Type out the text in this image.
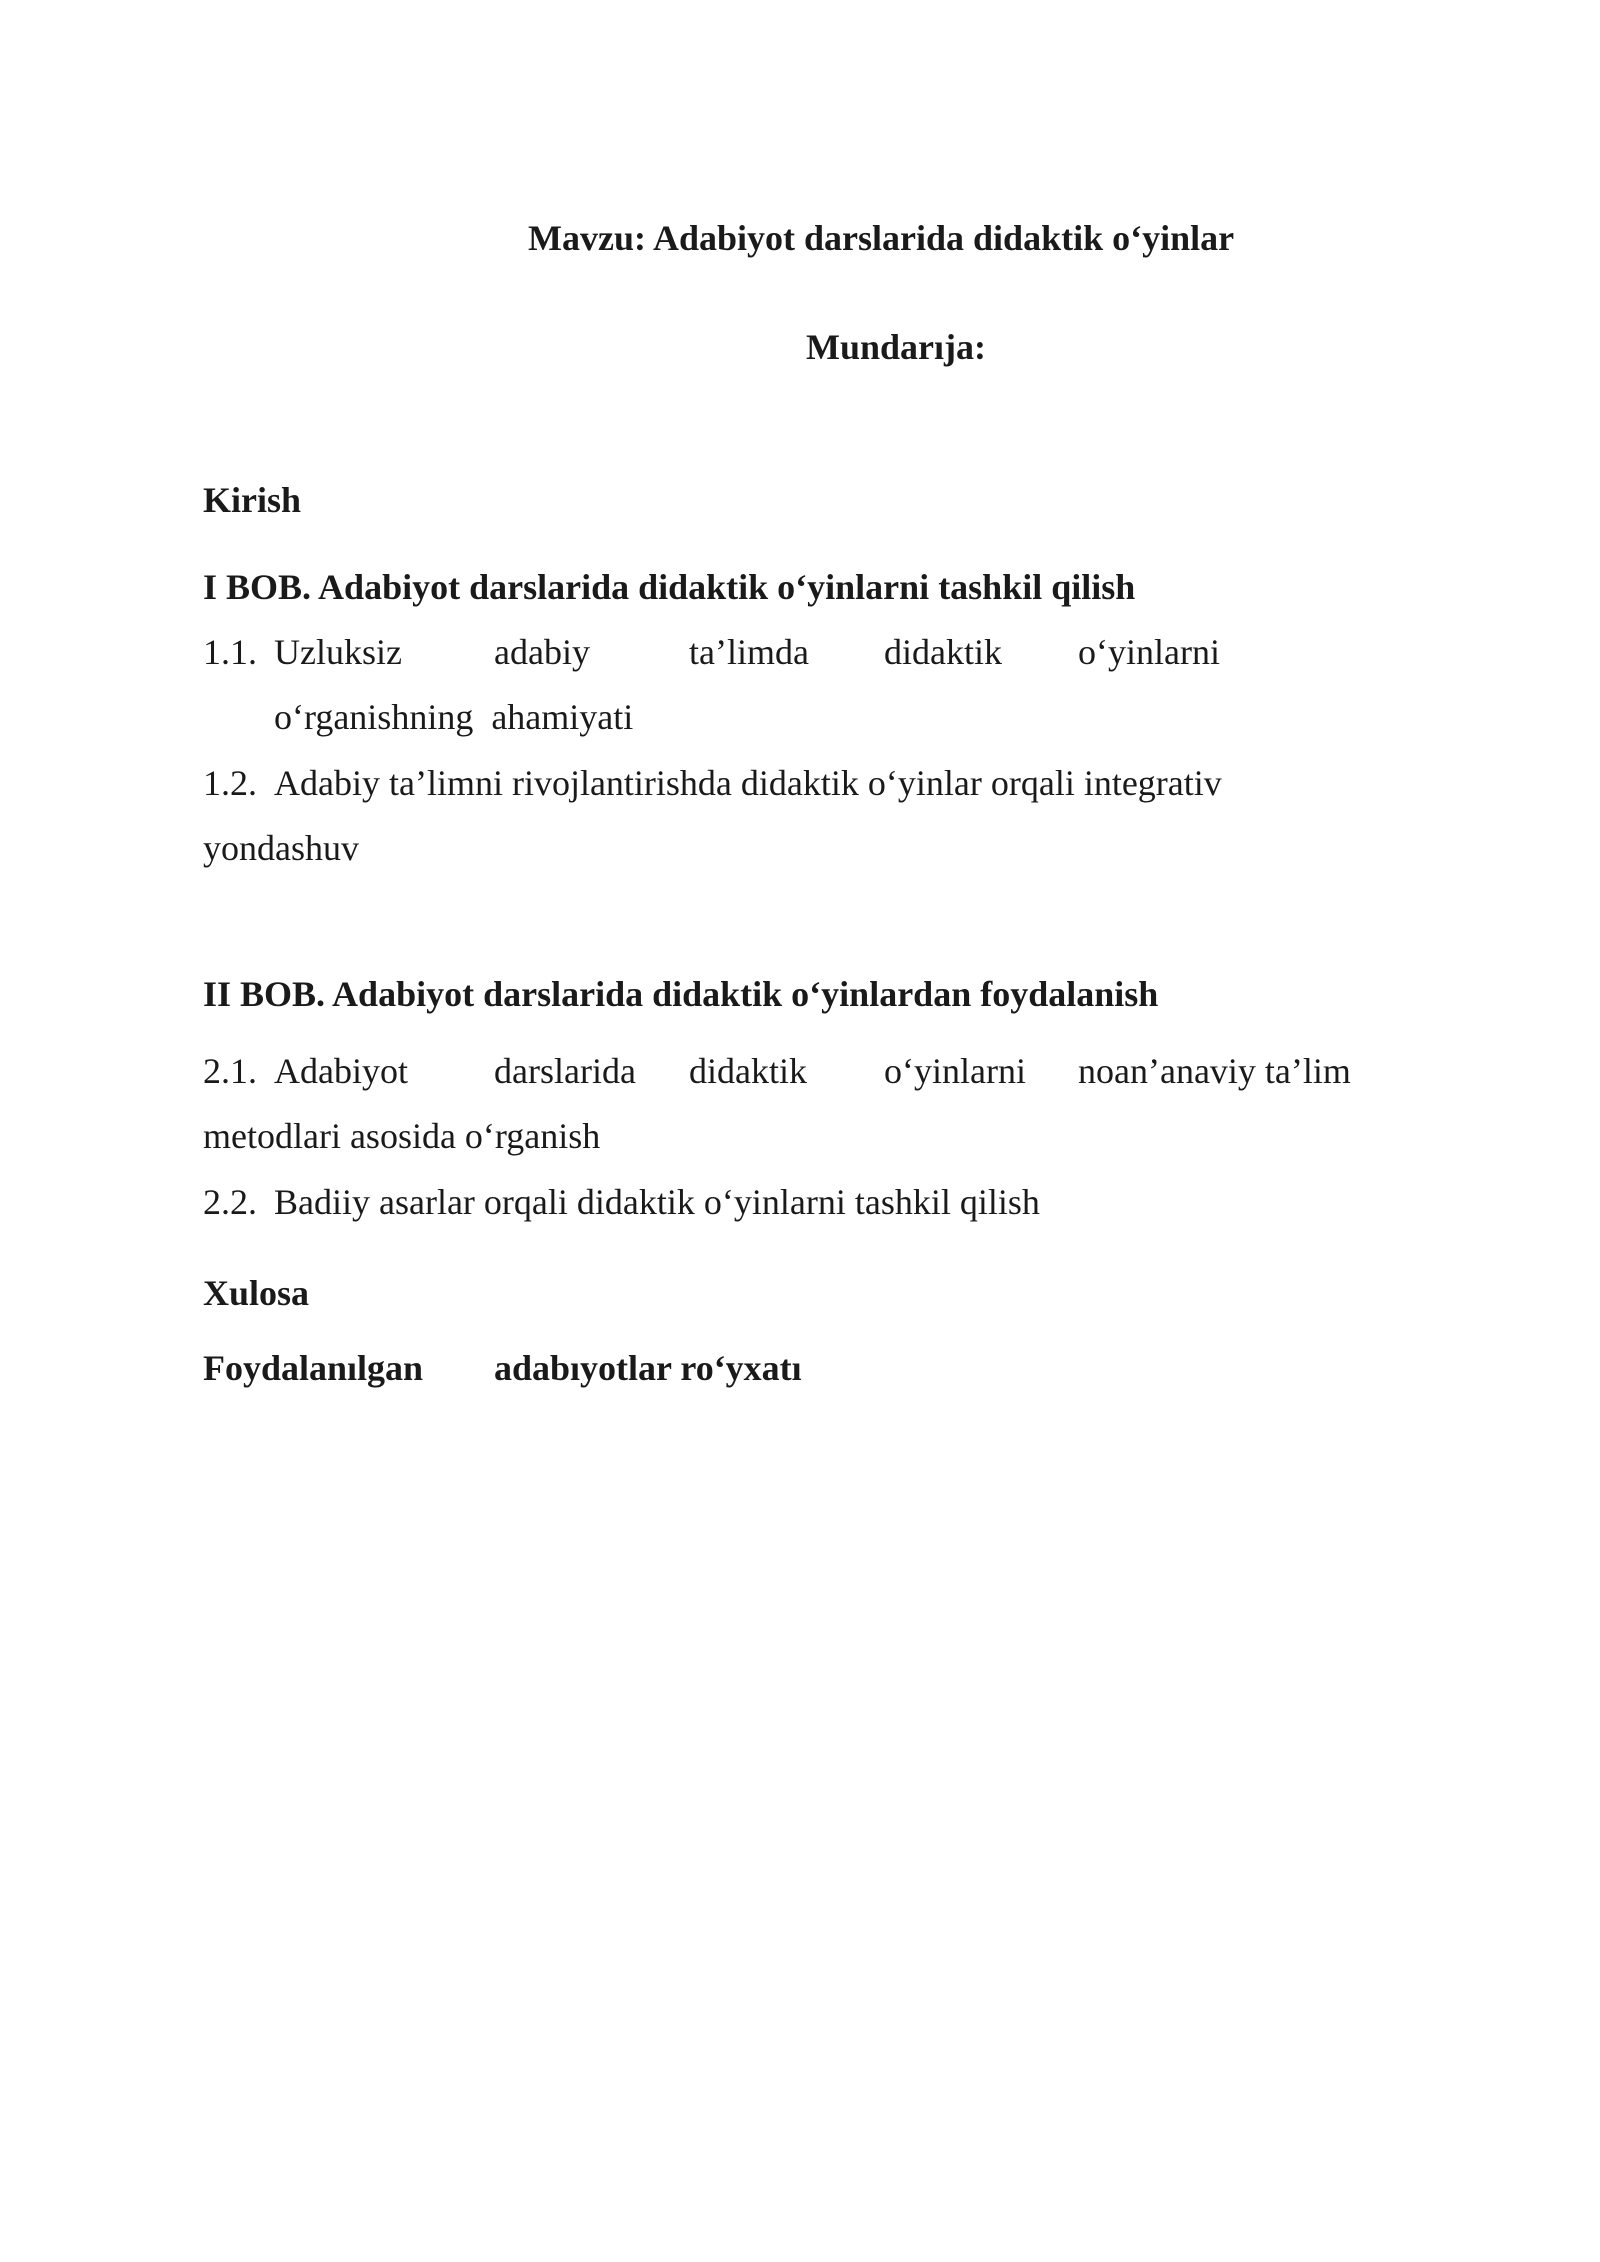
Mavzu: Adabiyot darslarida didaktik o‘yinlar
Mundarıja:
Kirish
I BOB. Adabiyot darslarida didaktik o‘yinlarni tashkil qilish
1.1. Uzluksiz	adabiy	ta’limda didaktik o‘yinlarni
o‘rganishning  ahamiyati
1.2. Adabiy ta’limni rivojlantirishda didaktik o‘yinlar orqali integrativ
yondashuv
II BOB. Adabiyot darslarida didaktik o‘yinlardan foydalanish
2.1. Adabiyot darslarida didaktik o‘yinlarni noan’anaviy ta’lim
metodlari asosida o‘rganish
2.2. Badiiy asarlar orqali didaktik o‘yinlarni tashkil qilish
Xulosa
Foydalanılgan adabıyotlar ro‘yxatı
